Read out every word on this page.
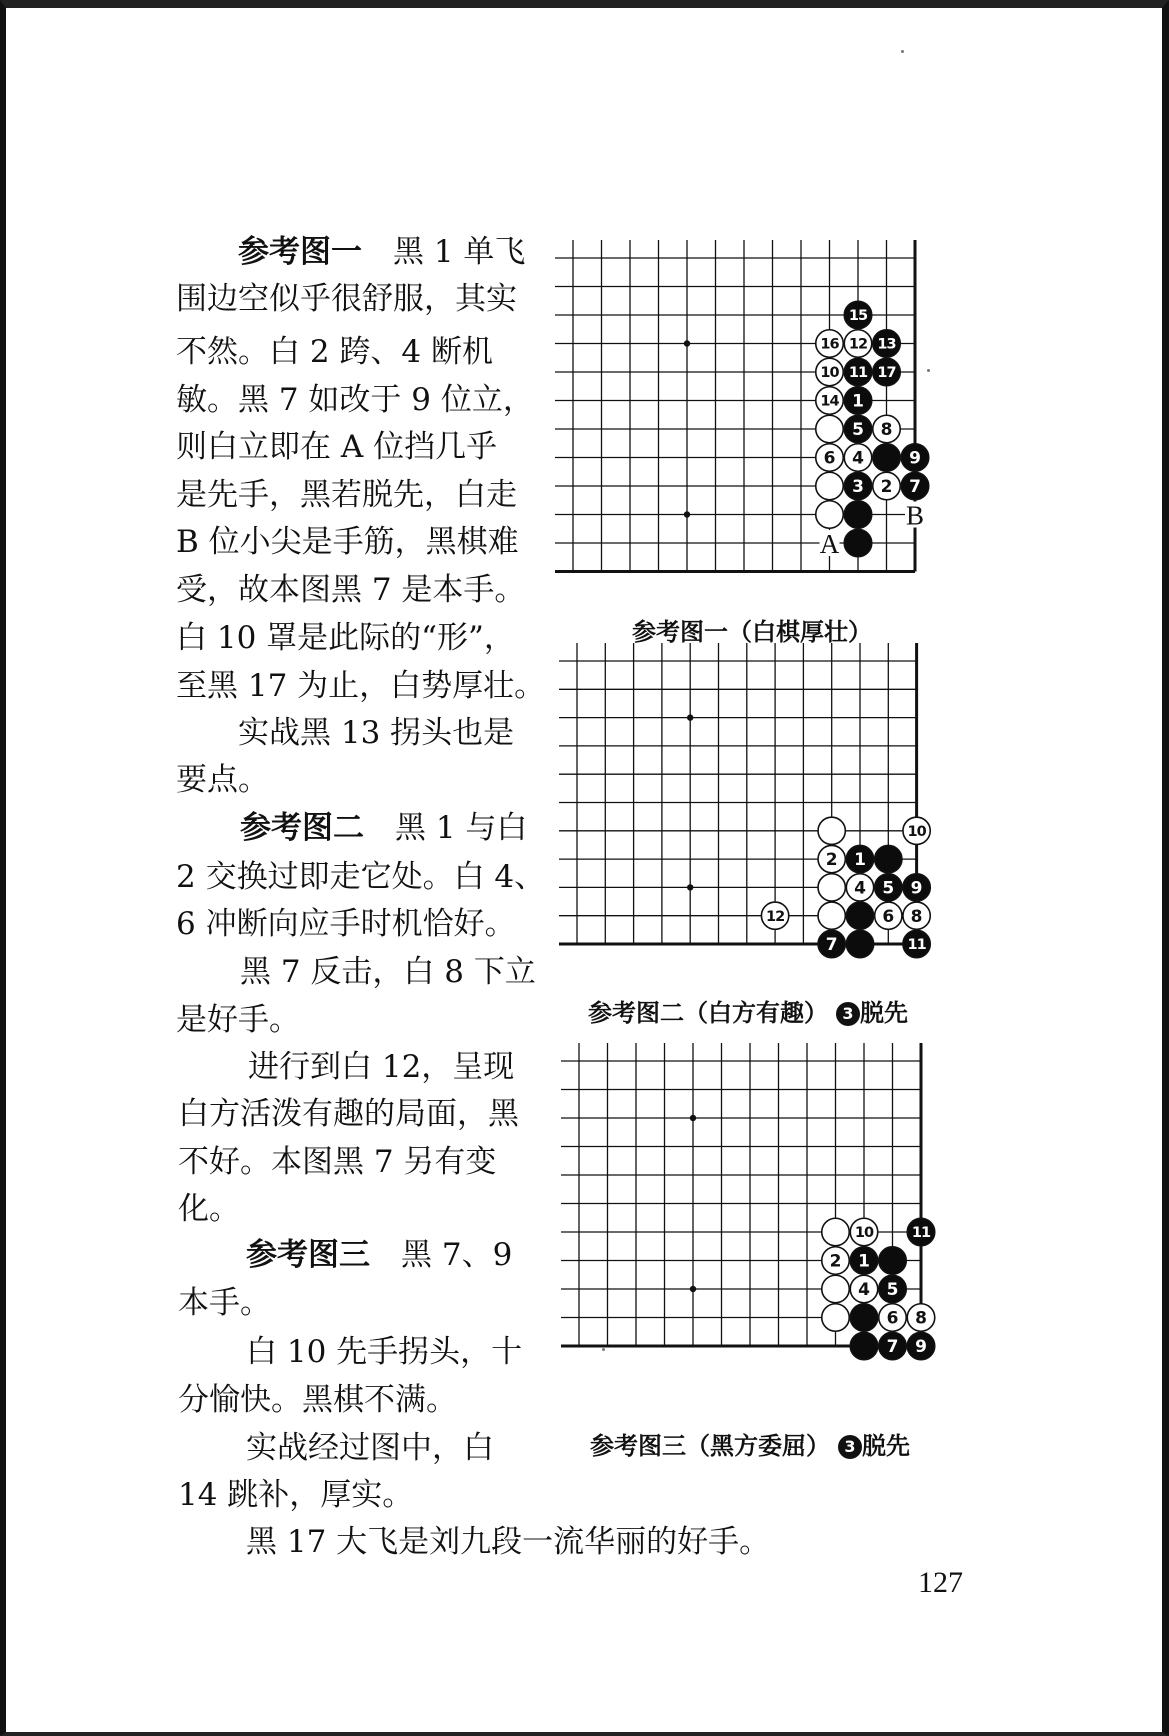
参考图一　黑 1 单飞

围边空似乎很舒服，其实

不然。白 2 跨、4 断机

敏。黑 7 如改于 9 位立，

则白立即在 A 位挡几乎

是先手，黑若脱先，白走

B 位小尖是手筋，黑棋难

受，故本图黑 7 是本手。

白 10 罩是此际的“形”，

至黑 17 为止，白势厚壮。

实战黑 13 拐头也是

要点。

参考图二　黑 1 与白

2 交换过即走它处。白 4、

6 冲断向应手时机恰好。

黑 7 反击，白 8 下立

是好手。

进行到白 12，呈现

白方活泼有趣的局面，黑

不好。本图黑 7 另有变

化。

参考图三　黑 7、9

本手。

白 10 先手拐头，十

分愉快。黑棋不满。

实战经过图中，白

14 跳补，厚实。

黑 17 大飞是刘九段一流华丽的好手。

15
16 12 13
10 11 17
14 1
5 8
6 4	9
3 2 7
A
B

参考图一（白棋厚壮）

10
2 1
4 5 9
12	6 8
7	11

参考图二（白方有趣） 3 脱先

10	11
2 1
4 5
6 8
7 9

参考图三（黑方委屈） 3 脱先

127
